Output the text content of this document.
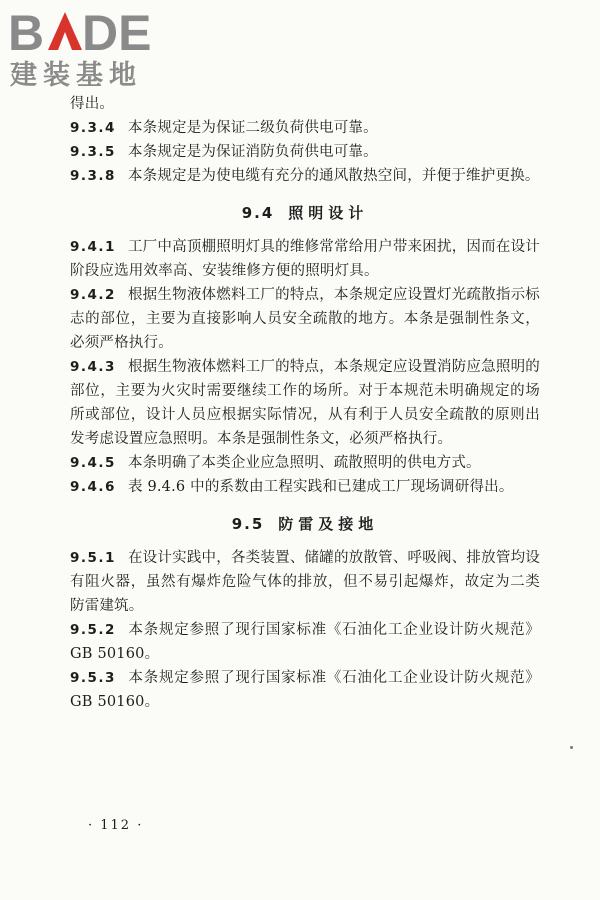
B DE
建装基地

得出。

9.3.4 本条规定是为保证二级负荷供电可靠。

9.3.5 本条规定是为保证消防负荷供电可靠。

9.3.8 本条规定是为使电缆有充分的通风散热空间，并便于维护更换。

9.4 照明设计

9.4.1 工厂中高顶棚照明灯具的维修常常给用户带来困扰，因而在设计阶段应选用效率高、安装维修方便的照明灯具。

9.4.2 根据生物液体燃料工厂的特点，本条规定应设置灯光疏散指示标志的部位，主要为直接影响人员安全疏散的地方。本条是强制性条文，必须严格执行。

9.4.3 根据生物液体燃料工厂的特点，本条规定应设置消防应急照明的部位，主要为火灾时需要继续工作的场所。对于本规范未明确规定的场所或部位，设计人员应根据实际情况，从有利于人员安全疏散的原则出发考虑设置应急照明。本条是强制性条文，必须严格执行。

9.4.5 本条明确了本类企业应急照明、疏散照明的供电方式。

9.4.6 表 9.4.6 中的系数由工程实践和已建成工厂现场调研得出。

9.5 防雷及接地

9.5.1 在设计实践中，各类装置、储罐的放散管、呼吸阀、排放管均设有阻火器，虽然有爆炸危险气体的排放，但不易引起爆炸，故定为二类防雷建筑。

9.5.2 本条规定参照了现行国家标准《石油化工企业设计防火规范》GB 50160。

9.5.3 本条规定参照了现行国家标准《石油化工企业设计防火规范》GB 50160。

· 112 ·
